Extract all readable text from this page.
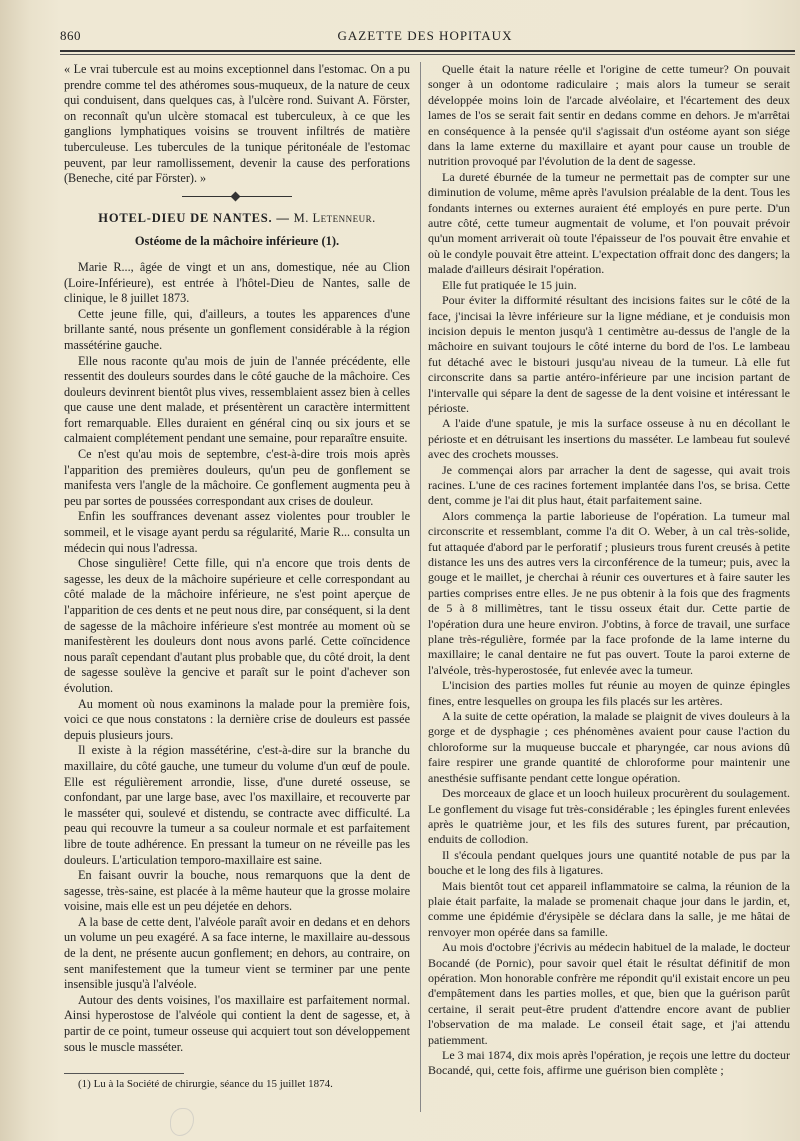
860	GAZETTE DES HOPITAUX

« Le vrai tubercule est au moins exceptionnel dans l'estomac. On a pu prendre comme tel des athéromes sous-muqueux, de la nature de ceux qui conduisent, dans quelques cas, à l'ulcère rond. Suivant A. Förster, on reconnaît qu'un ulcère stomacal est tuberculeux, à ce que les ganglions lymphatiques voisins se trouvent infiltrés de matière tuberculeuse. Les tubercules de la tunique péritonéale de l'estomac peuvent, par leur ramollissement, devenir la cause des perforations (Beneche, cité par Förster). »

HOTEL-DIEU DE NANTES. — M. Letenneur.
Ostéome de la mâchoire inférieure (1).

Marie R..., âgée de vingt et un ans, domestique, née au Clion (Loire-Inférieure), est entrée à l'hôtel-Dieu de Nantes, salle de clinique, le 8 juillet 1873.

Cette jeune fille, qui, d'ailleurs, a toutes les apparences d'une brillante santé, nous présente un gonflement considérable à la région massétérine gauche.

Elle nous raconte qu'au mois de juin de l'année précédente, elle ressentit des douleurs sourdes dans le côté gauche de la mâchoire. Ces douleurs devinrent bientôt plus vives, ressemblaient assez bien à celles que cause une dent malade, et présentèrent un caractère intermittent fort remarquable. Elles duraient en général cinq ou six jours et se calmaient complétement pendant une semaine, pour reparaître ensuite.

Ce n'est qu'au mois de septembre, c'est-à-dire trois mois après l'apparition des premières douleurs, qu'un peu de gonflement se manifesta vers l'angle de la mâchoire. Ce gonflement augmenta peu à peu par sortes de poussées correspondant aux crises de douleur.

Enfin les souffrances devenant assez violentes pour troubler le sommeil, et le visage ayant perdu sa régularité, Marie R... consulta un médecin qui nous l'adressa.

Chose singulière! Cette fille, qui n'a encore que trois dents de sagesse, les deux de la mâchoire supérieure et celle correspondant au côté malade de la mâchoire inférieure, ne s'est point aperçue de l'apparition de ces dents et ne peut nous dire, par conséquent, si la dent de sagesse de la mâchoire inférieure s'est montrée au moment où se manifestèrent les douleurs dont nous avons parlé. Cette coïncidence nous paraît cependant d'autant plus probable que, du côté droit, la dent de sagesse soulève la gencive et paraît sur le point d'achever son évolution.

Au moment où nous examinons la malade pour la première fois, voici ce que nous constatons : la dernière crise de douleurs est passée depuis plusieurs jours.

Il existe à la région massétérine, c'est-à-dire sur la branche du maxillaire, du côté gauche, une tumeur du volume d'un œuf de poule. Elle est régulièrement arrondie, lisse, d'une dureté osseuse, se confondant, par une large base, avec l'os maxillaire, et recouverte par le masséter qui, soulevé et distendu, se contracte avec difficulté. La peau qui recouvre la tumeur a sa couleur normale et est parfaitement libre de toute adhérence. En pressant la tumeur on ne réveille pas les douleurs. L'articulation temporo-maxillaire est saine.

En faisant ouvrir la bouche, nous remarquons que la dent de sagesse, très-saine, est placée à la même hauteur que la grosse molaire voisine, mais elle est un peu déjetée en dehors.

A la base de cette dent, l'alvéole paraît avoir en dedans et en dehors un volume un peu exagéré. A sa face interne, le maxillaire au-dessous de la dent, ne présente aucun gonflement; en dehors, au contraire, on sent manifestement que la tumeur vient se terminer par une pente insensible jusqu'à l'alvéole.

Autour des dents voisines, l'os maxillaire est parfaitement normal. Ainsi hyperostose de l'alvéole qui contient la dent de sagesse, et, à partir de ce point, tumeur osseuse qui acquiert tout son développement sous le muscle masséter.

(1) Lu à la Société de chirurgie, séance du 15 juillet 1874.

Quelle était la nature réelle et l'origine de cette tumeur? On pouvait songer à un odontome radiculaire ; mais alors la tumeur se serait développée moins loin de l'arcade alvéolaire, et l'écartement des deux lames de l'os se serait fait sentir en dedans comme en dehors. Je m'arrêtai en conséquence à la pensée qu'il s'agissait d'un ostéome ayant son siége dans la lame externe du maxillaire et ayant pour cause un trouble de nutrition provoqué par l'évolution de la dent de sagesse.

La dureté éburnée de la tumeur ne permettait pas de compter sur une diminution de volume, même après l'avulsion préalable de la dent. Tous les fondants internes ou externes auraient été employés en pure perte. D'un autre côté, cette tumeur augmentait de volume, et l'on pouvait prévoir qu'un moment arriverait où toute l'épaisseur de l'os pouvait être envahie et où le condyle pouvait être atteint. L'expectation offrait donc des dangers; la malade d'ailleurs désirait l'opération.

Elle fut pratiquée le 15 juin.

Pour éviter la difformité résultant des incisions faites sur le côté de la face, j'incisai la lèvre inférieure sur la ligne médiane, et je conduisis mon incision depuis le menton jusqu'à 1 centimètre au-dessus de l'angle de la mâchoire en suivant toujours le côté interne du bord de l'os. Le lambeau fut détaché avec le bistouri jusqu'au niveau de la tumeur. Là elle fut circonscrite dans sa partie antéro-inférieure par une incision partant de l'intervalle qui sépare la dent de sagesse de la dent voisine et intéressant le périoste.

A l'aide d'une spatule, je mis la surface osseuse à nu en décollant le périoste et en détruisant les insertions du masséter. Le lambeau fut soulevé avec des crochets mousses.

Je commençai alors par arracher la dent de sagesse, qui avait trois racines. L'une de ces racines fortement implantée dans l'os, se brisa. Cette dent, comme je l'ai dit plus haut, était parfaitement saine.

Alors commença la partie laborieuse de l'opération. La tumeur mal circonscrite et ressemblant, comme l'a dit O. Weber, à un cal très-solide, fut attaquée d'abord par le perforatif ; plusieurs trous furent creusés à petite distance les uns des autres vers la circonférence de la tumeur; puis, avec la gouge et le maillet, je cherchai à réunir ces ouvertures et à faire sauter les parties comprises entre elles. Je ne pus obtenir à la fois que des fragments de 5 à 8 millimètres, tant le tissu osseux était dur. Cette partie de l'opération dura une heure environ. J'obtins, à force de travail, une surface plane très-régulière, formée par la face profonde de la lame interne du maxillaire; le canal dentaire ne fut pas ouvert. Toute la paroi externe de l'alvéole, très-hyperostosée, fut enlevée avec la tumeur.

L'incision des parties molles fut réunie au moyen de quinze épingles fines, entre lesquelles on groupa les fils placés sur les artères.

A la suite de cette opération, la malade se plaignit de vives douleurs à la gorge et de dysphagie ; ces phénomènes avaient pour cause l'action du chloroforme sur la muqueuse buccale et pharyngée, car nous avions dû faire respirer une grande quantité de chloroforme pour maintenir une anesthésie suffisante pendant cette longue opération.

Des morceaux de glace et un looch huileux procurèrent du soulagement. Le gonflement du visage fut très-considérable ; les épingles furent enlevées après le quatrième jour, et les fils des sutures furent, par précaution, enduits de collodion.

Il s'écoula pendant quelques jours une quantité notable de pus par la bouche et le long des fils à ligatures.

Mais bientôt tout cet appareil inflammatoire se calma, la réunion de la plaie était parfaite, la malade se promenait chaque jour dans le jardin, et, comme une épidémie d'érysipèle se déclara dans la salle, je me hâtai de renvoyer mon opérée dans sa famille.

Au mois d'octobre j'écrivis au médecin habituel de la malade, le docteur Bocandé (de Pornic), pour savoir quel était le résultat définitif de mon opération. Mon honorable confrère me répondit qu'il existait encore un peu d'empâtement dans les parties molles, et que, bien que la guérison parût certaine, il serait peut-être prudent d'attendre encore avant de publier l'observation de ma malade. Le conseil était sage, et j'ai attendu patiemment.

Le 3 mai 1874, dix mois après l'opération, je reçois une lettre du docteur Bocandé, qui, cette fois, affirme une guérison bien complète ;
